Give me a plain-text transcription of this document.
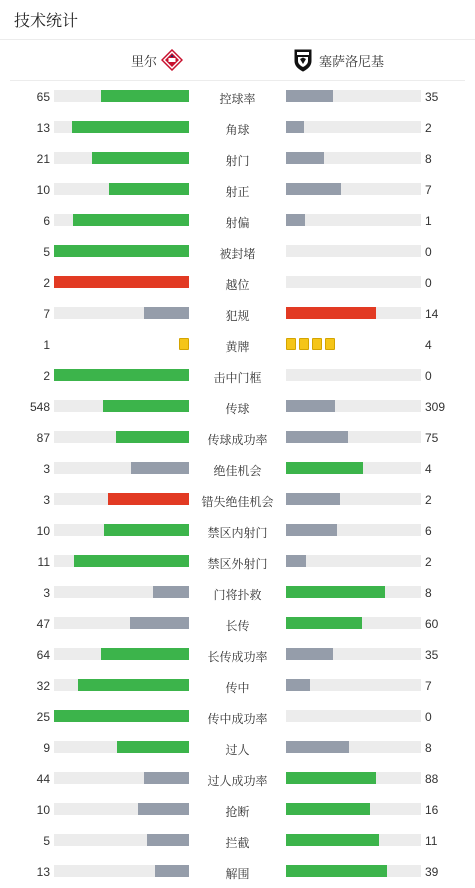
技术统计
里尔	塞萨洛尼基
65	控球率	35
13	角球	2
21	射门	8
10	射正	7
6	射偏	1
5	被封堵	0
2	越位	0
7	犯规	14
1	黄牌	4
2	击中门框	0
548	传球	309
87	传球成功率	75
3	绝佳机会	4
3	错失绝佳机会	2
10	禁区内射门	6
11	禁区外射门	2
3	门将扑救	8
47	长传	60
64	长传成功率	35
32	传中	7
25	传中成功率	0
9	过人	8
44	过人成功率	88
10	抢断	16
5	拦截	11
13	解围	39
